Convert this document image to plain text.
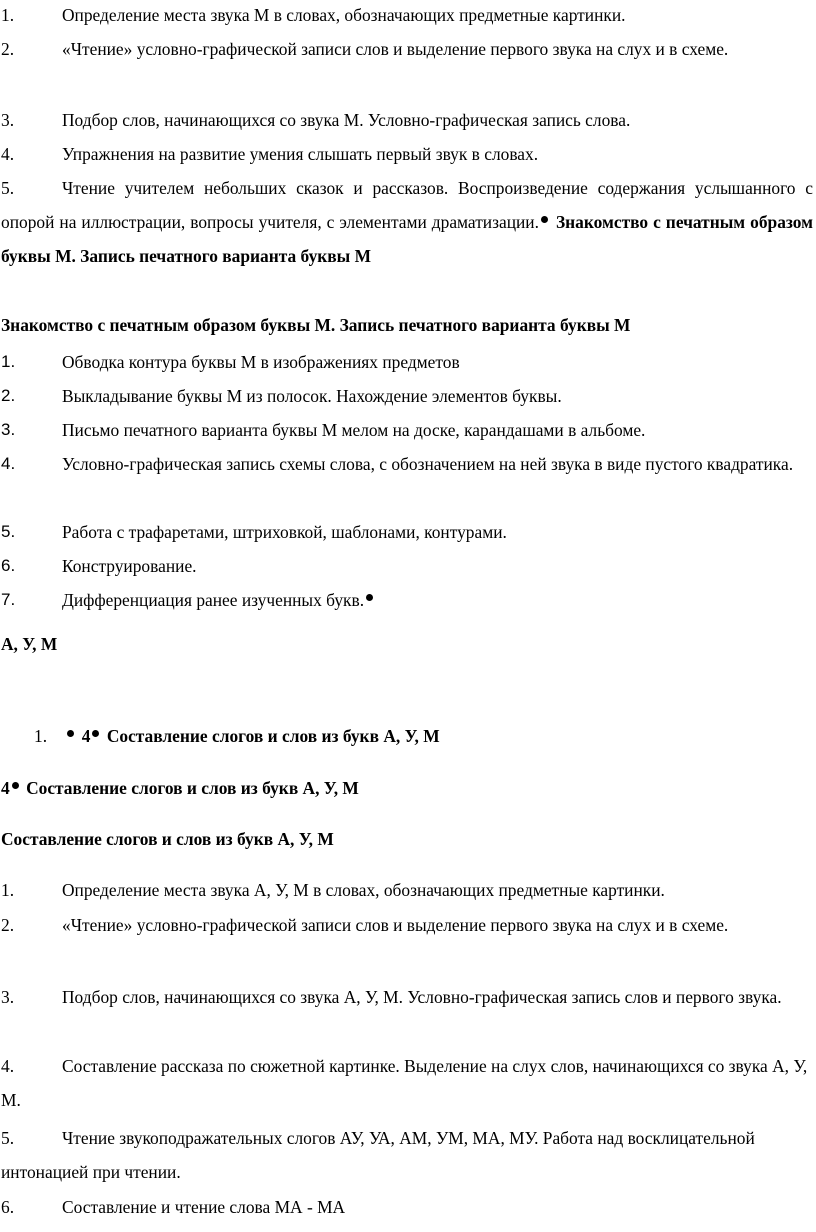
1.	Определение места звука М в словах, обозначающих предметные картинки.
2.	«Чтение» условно-графической записи слов и выделение первого звука на слух и в схеме.
3.	Подбор слов, начинающихся со звука М. Условно-графическая запись слова.
4.	Упражнения на развитие умения слышать первый звук в словах.
5.	Чтение учителем небольших сказок и рассказов. Воспроизведение содержания услышанного с опорой на иллюстрации, вопросы учителя, с элементами драматизации. Знакомство с печатным образом буквы М. Запись печатного варианта буквы М
Знакомство с печатным образом буквы М. Запись печатного варианта буквы М
1.	Обводка контура буквы М в изображениях предметов
2.	Выкладывание буквы М из полосок. Нахождение элементов буквы.
3.	Письмо печатного варианта буквы М мелом на доске, карандашами в альбоме.
4.	Условно-графическая запись схемы слова, с обозначением на ней звука в виде пустого квадратика.
5.	Работа с трафаретами, штриховкой, шаблонами, контурами.
6.	Конструирование.
7.	Дифференциация ранее изученных букв.
А, У, М
1. 4 Составление слогов и слов из букв А, У, М
4 Составление слогов и слов из букв А, У, М
Составление слогов и слов из букв А, У, М
1.	Определение места звука А, У, М в словах, обозначающих предметные картинки.
2.	«Чтение» условно-графической записи слов и выделение первого звука на слух и в схеме.
3.	Подбор слов, начинающихся со звука А, У, М. Условно-графическая запись слов и первого звука.
4.	Составление рассказа по сюжетной картинке. Выделение на слух слов, начинающихся со звука А, У, М.
5.	Чтение звукоподражательных слогов АУ, УА, АМ, УМ, МА, МУ. Работа над восклицательной интонацией при чтении.
6.	Составление и чтение слова МА - МА
